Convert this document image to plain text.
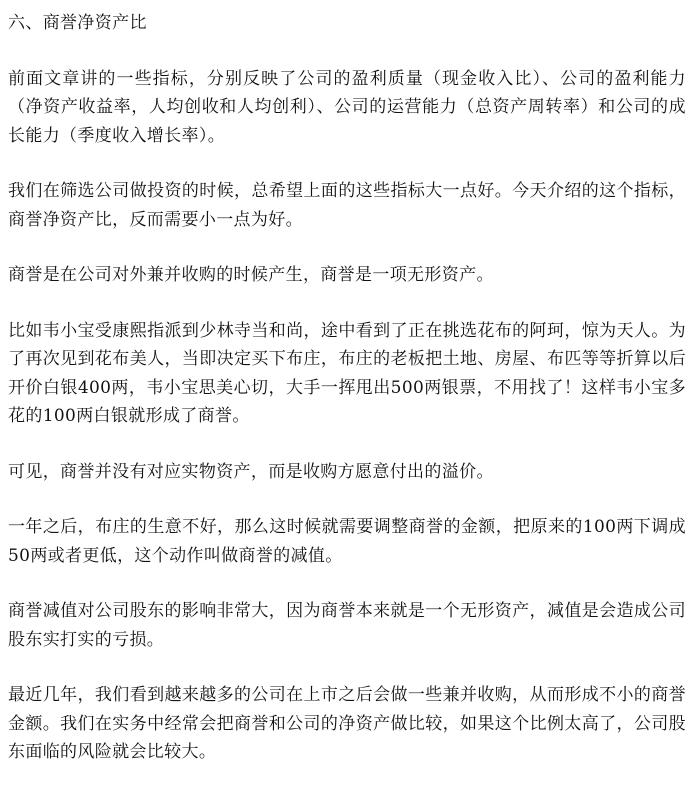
六、商誉净资产比

前面文章讲的一些指标，分别反映了公司的盈利质量（现金收入比）、公司的盈利能力（净资产收益率，人均创收和人均创利）、公司的运营能力（总资产周转率）和公司的成长能力（季度收入增长率）。

我们在筛选公司做投资的时候，总希望上面的这些指标大一点好。今天介绍的这个指标，商誉净资产比，反而需要小一点为好。

商誉是在公司对外兼并收购的时候产生，商誉是一项无形资产。

比如韦小宝受康熙指派到少林寺当和尚，途中看到了正在挑选花布的阿珂，惊为天人。为了再次见到花布美人，当即决定买下布庄，布庄的老板把土地、房屋、布匹等等折算以后开价白银400两，韦小宝思美心切，大手一挥甩出500两银票，不用找了！这样韦小宝多花的100两白银就形成了商誉。

可见，商誉并没有对应实物资产，而是收购方愿意付出的溢价。

一年之后，布庄的生意不好，那么这时候就需要调整商誉的金额，把原来的100两下调成50两或者更低，这个动作叫做商誉的减值。

商誉减值对公司股东的影响非常大，因为商誉本来就是一个无形资产，减值是会造成公司股东实打实的亏损。

最近几年，我们看到越来越多的公司在上市之后会做一些兼并收购，从而形成不小的商誉金额。我们在实务中经常会把商誉和公司的净资产做比较，如果这个比例太高了，公司股东面临的风险就会比较大。
